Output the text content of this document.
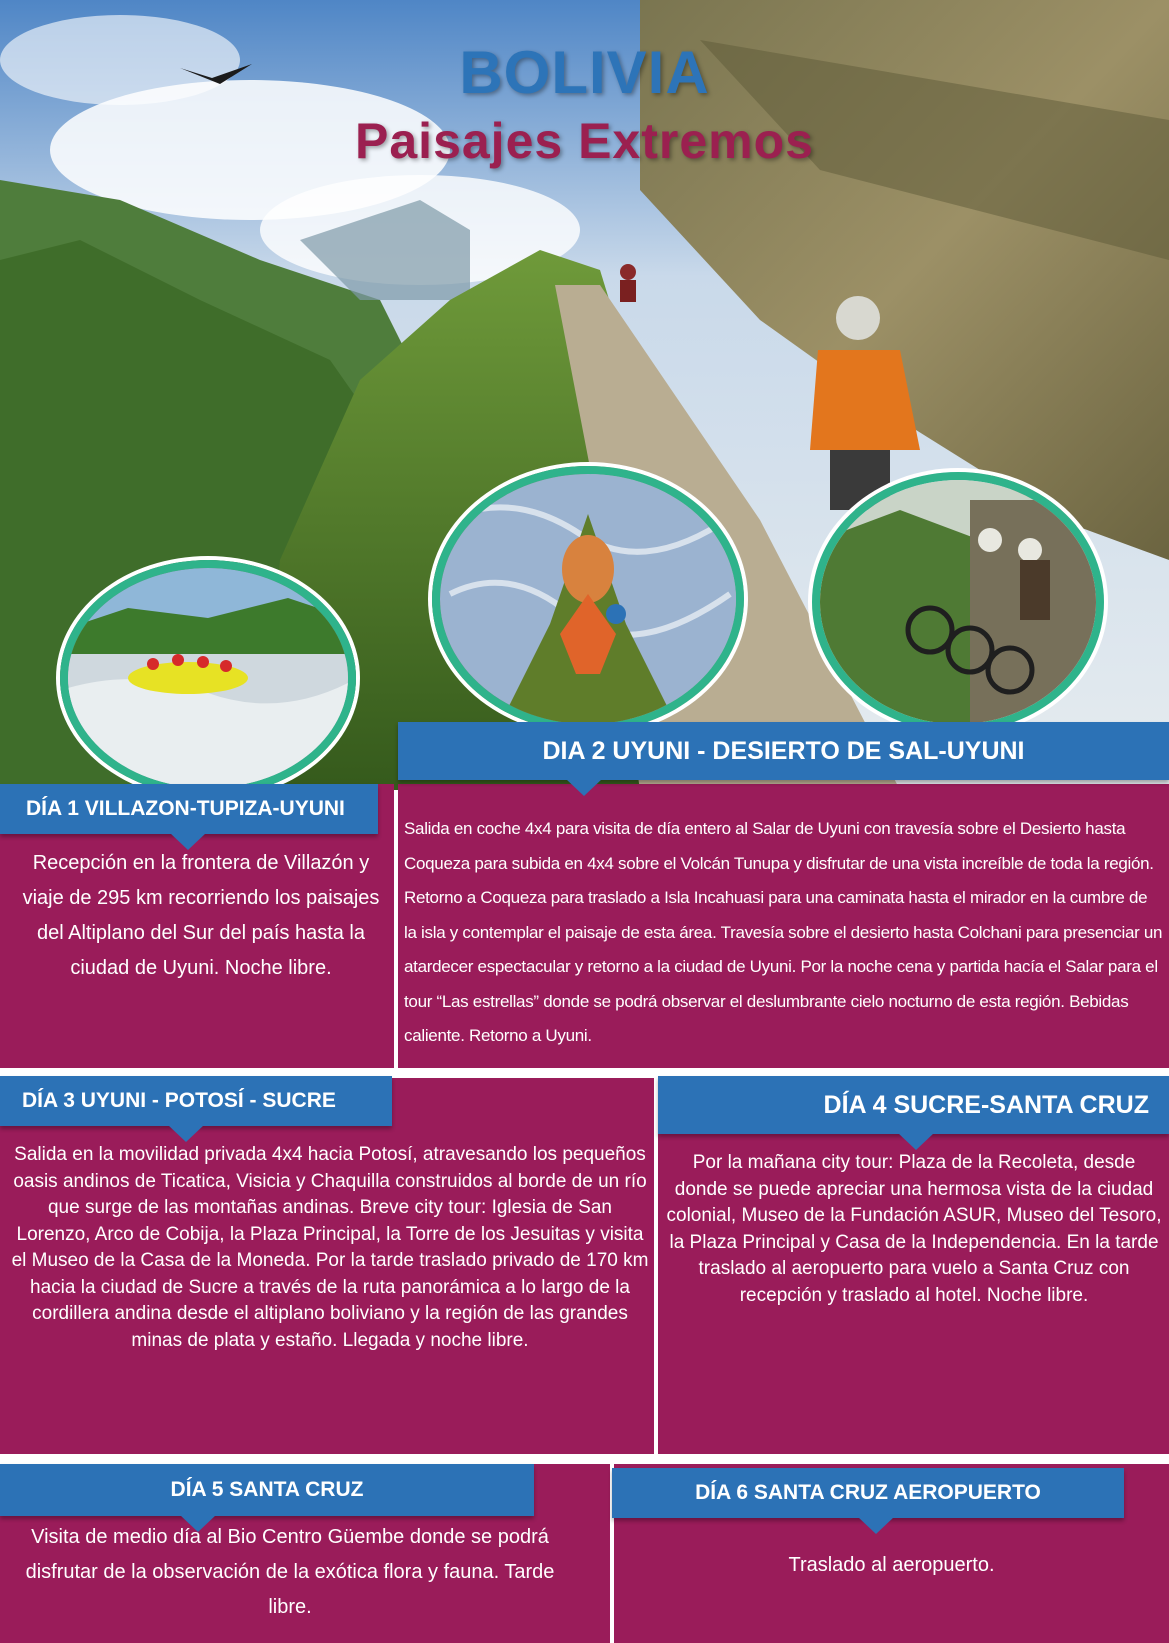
BOLIVIA
Paisajes Extremos
DÍA 1 VILLAZON-TUPIZA-UYUNI
Recepción en la frontera de Villazón y viaje de 295 km recorriendo los paisajes del Altiplano del Sur del país hasta la ciudad de Uyuni. Noche libre.
DIA 2 UYUNI - DESIERTO DE SAL-UYUNI
Salida en coche 4x4 para visita de día entero al Salar de Uyuni con travesía sobre el Desierto hasta Coqueza para subida en 4x4 sobre el Volcán Tunupa y disfrutar de una vista increíble de toda la región. Retorno a Coqueza para traslado a Isla Incahuasi para una caminata hasta el mirador en la cumbre de la isla y contemplar el paisaje de esta área. Travesía sobre el desierto hasta Colchani para presenciar un atardecer espectacular y retorno a la ciudad de Uyuni. Por la noche cena y partida hacía el Salar para el tour “Las estrellas” donde se podrá observar el deslumbrante cielo nocturno de esta región. Bebidas caliente. Retorno a Uyuni.
DÍA 3 UYUNI - POTOSÍ - SUCRE
Salida en la movilidad privada 4x4 hacia Potosí, atravesando los pequeños oasis andinos de Ticatica, Visicia y Chaquilla construidos al borde de un río que surge de las montañas andinas. Breve city tour: Iglesia de San Lorenzo, Arco de Cobija, la Plaza Principal, la Torre de los Jesuitas y visita el Museo de la Casa de la Moneda. Por la tarde traslado privado de 170 km hacia la ciudad de Sucre a través de la ruta panorámica a lo largo de la cordillera andina desde el altiplano boliviano y la región de las grandes minas de plata y estaño. Llegada y noche libre.
DÍA 4 SUCRE-SANTA CRUZ
Por la mañana city tour: Plaza de la Recoleta, desde donde se puede apreciar una hermosa vista de la ciudad colonial, Museo de la Fundación ASUR, Museo del Tesoro, la Plaza Principal y Casa de la Independencia. En la tarde traslado al aeropuerto para vuelo a Santa Cruz con recepción y traslado al hotel. Noche libre.
DÍA 5 SANTA CRUZ
Visita de medio día al Bio Centro Güembe donde se podrá disfrutar de la observación de la exótica flora y fauna. Tarde libre.
DÍA 6 SANTA CRUZ AEROPUERTO
Traslado al aeropuerto.
